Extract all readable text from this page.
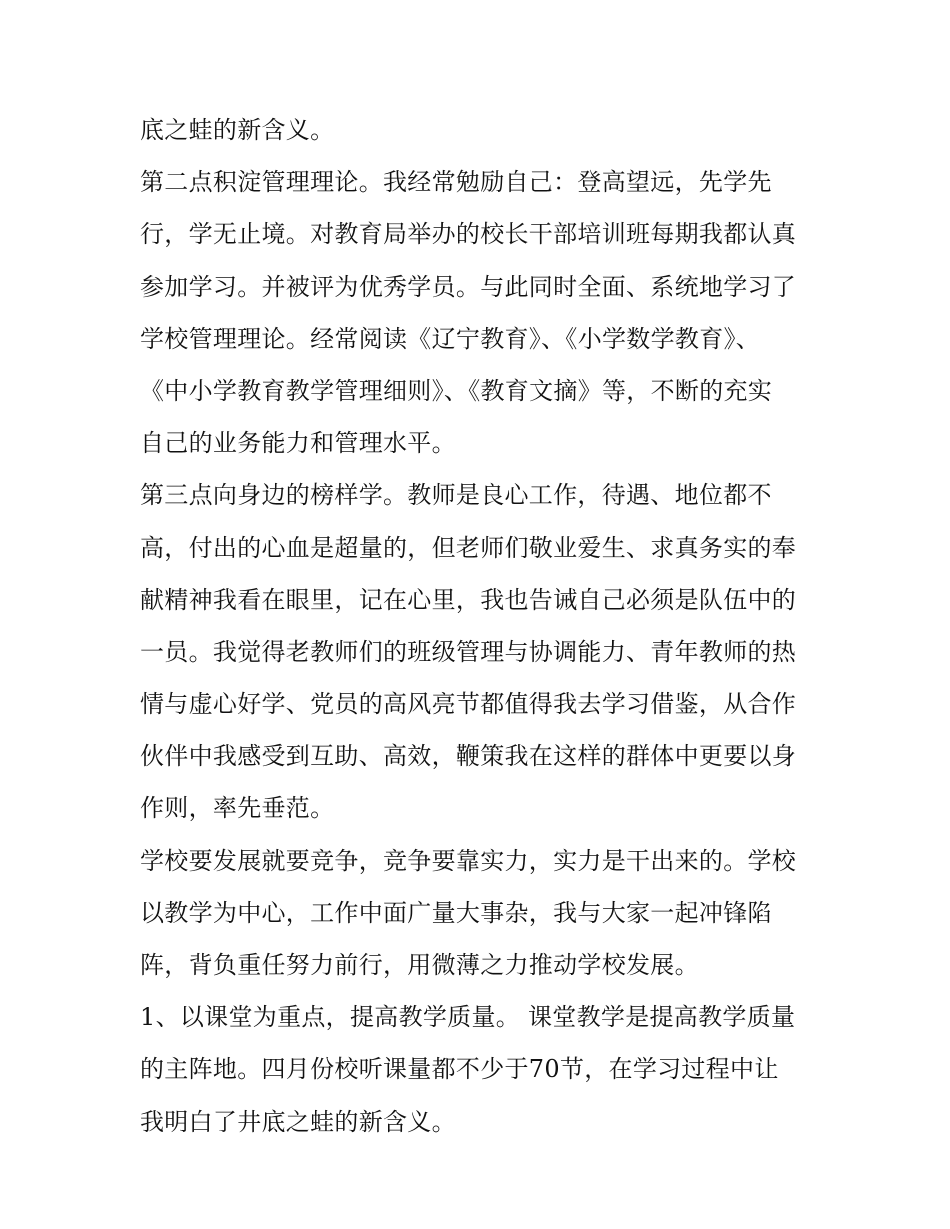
底之蛙的新含义。
第二点积淀管理理论。我经常勉励自己：登高望远，先学先
行，学无止境。对教育局举办的校长干部培训班每期我都认真
参加学习。并被评为优秀学员。与此同时全面、系统地学习了
学校管理理论。经常阅读《辽宁教育》、《小学数学教育》、
《中小学教育教学管理细则》、《教育文摘》等，不断的充实
自己的业务能力和管理水平。
第三点向身边的榜样学。教师是良心工作，待遇、地位都不
高，付出的心血是超量的，但老师们敬业爱生、求真务实的奉
献精神我看在眼里，记在心里，我也告诫自己必须是队伍中的
一员。我觉得老教师们的班级管理与协调能力、青年教师的热
情与虚心好学、党员的高风亮节都值得我去学习借鉴，从合作
伙伴中我感受到互助、高效，鞭策我在这样的群体中更要以身
作则，率先垂范。
学校要发展就要竞争，竞争要靠实力，实力是干出来的。学校
以教学为中心，工作中面广量大事杂，我与大家一起冲锋陷
阵，背负重任努力前行，用微薄之力推动学校发展。
1、以课堂为重点，提高教学质量。 课堂教学是提高教学质量
的主阵地。四月份校听课量都不少于70节，在学习过程中让
我明白了井底之蛙的新含义。
